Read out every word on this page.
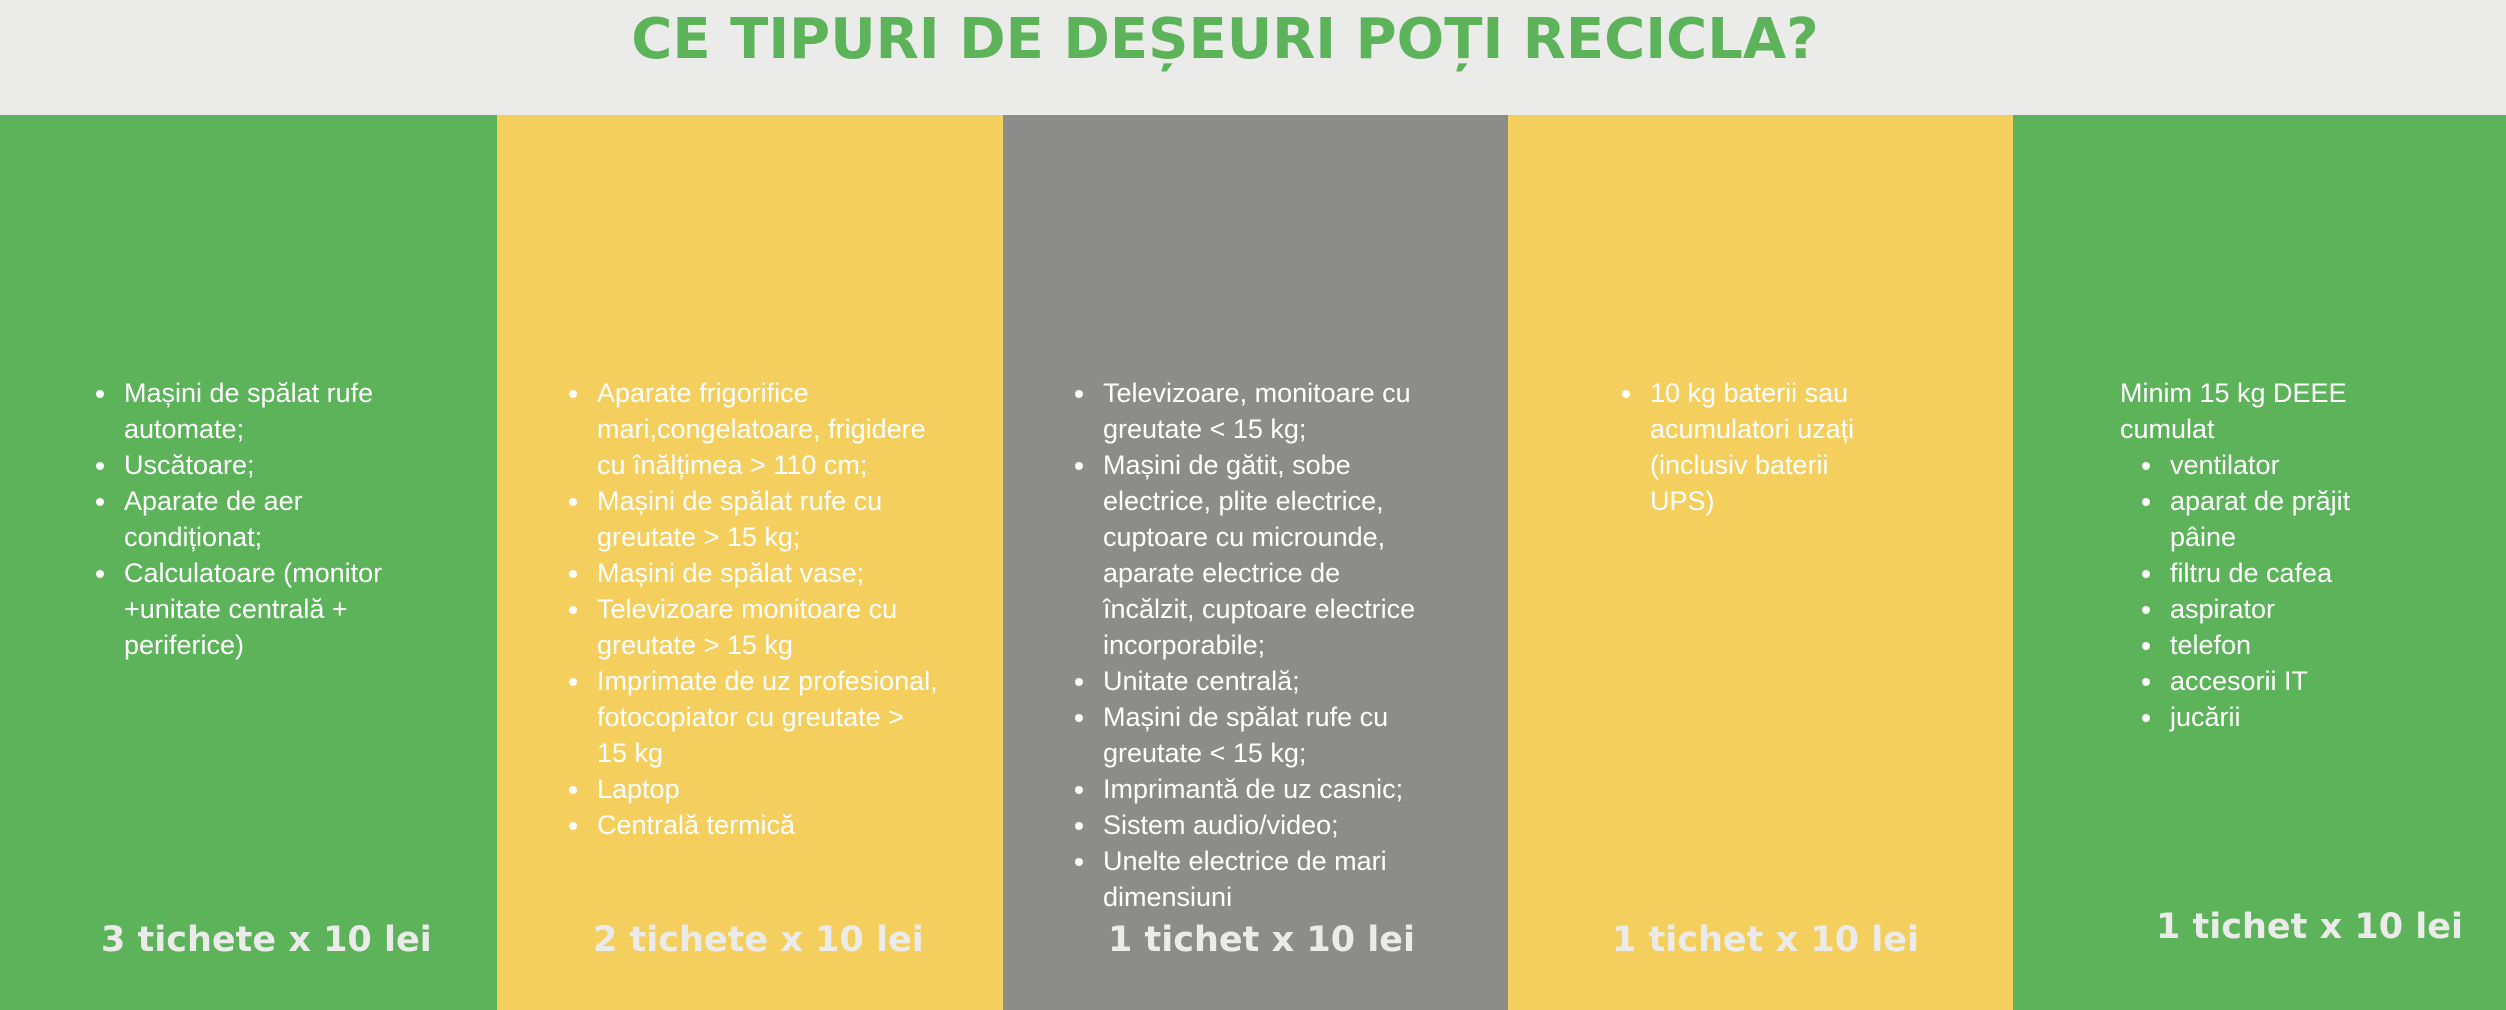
CE TIPURI DE DEȘEURI POȚI RECICLA?
Mașini de spălat rufe automate;
Uscătoare;
Aparate de aer condiționat;
Calculatoare (monitor +unitate centrală + periferice)
3 tichete x 10 lei
Aparate frigorifice mari,congelatoare, frigidere cu înălțimea > 110 cm;
Mașini de spălat rufe cu greutate > 15 kg;
Mașini de spălat vase;
Televizoare monitoare cu greutate > 15 kg
Imprimate de uz profesional, fotocopiator cu greutate > 15 kg
Laptop
Centrală termică
2 tichete x 10 lei
Televizoare, monitoare cu greutate < 15 kg;
Mașini de gătit, sobe electrice, plite electrice, cuptoare cu microunde, aparate electrice de încălzit, cuptoare electrice incorporabile;
Unitate centrală;
Mașini de spălat rufe cu greutate < 15 kg;
Imprimantă de uz casnic;
Sistem audio/video;
Unelte electrice de mari dimensiuni
1 tichet x 10 lei
10 kg baterii sau acumulatori uzați (inclusiv baterii UPS)
1 tichet x 10 lei

Minim 15 kg DEEE cumulat

ventilator
aparat de prăjit pâine
filtru de cafea
aspirator
telefon
accesorii IT
jucării
1 tichet x 10 lei
